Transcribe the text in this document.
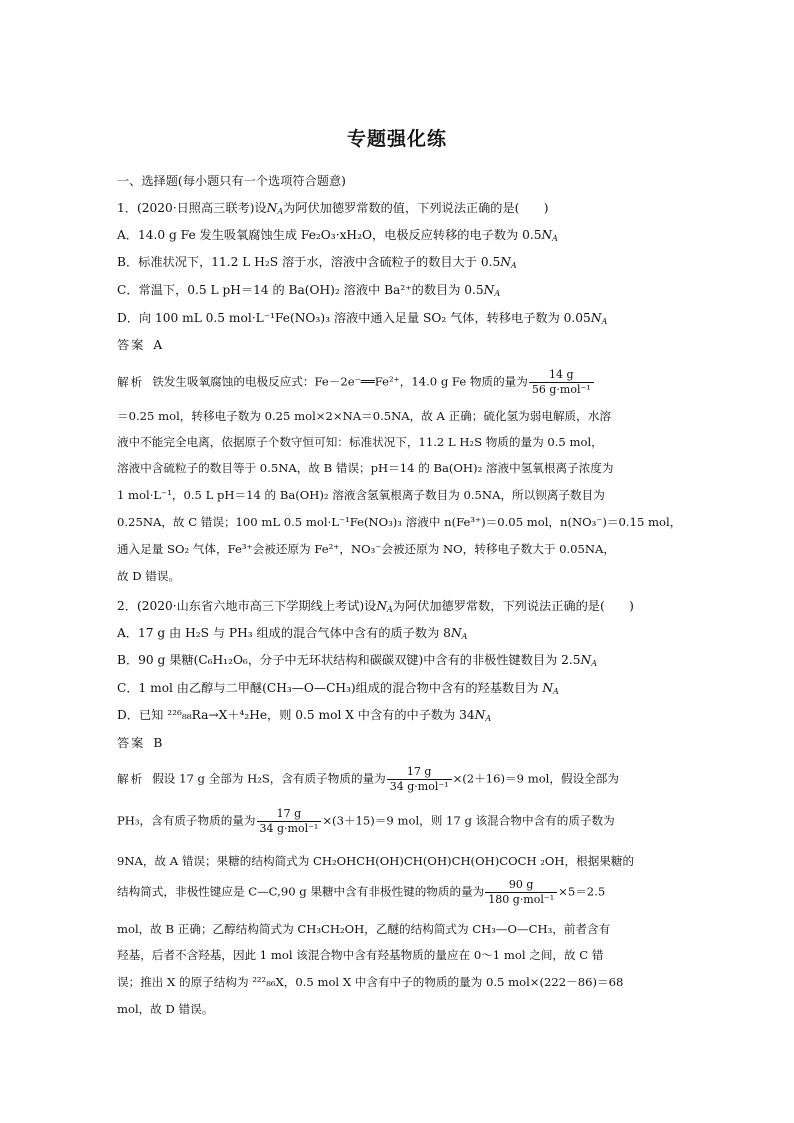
专题强化练
一、选择题(每小题只有一个选项符合题意)
1．(2020·日照高三联考)设$N_A$为阿伏加德罗常数的值，下列说法正确的是(　　)
A．14.0 g Fe 发生吸氧腐蚀生成 Fe₂O₃·xH₂O，电极反应转移的电子数为 $0.5N_A$
B．标准状况下，11.2 L H₂S 溶于水，溶液中含硫粒子的数目大于 $0.5N_A$
C．常温下，0.5 L pH＝14 的 Ba(OH)₂ 溶液中 Ba²⁺的数目为 $0.5N_A$
D．向 100 mL 0.5 mol·L⁻¹Fe(NO₃)₃ 溶液中通入足量 SO₂ 气体，转移电子数为 $0.05N_A$
答案 A
解析 铁发生吸氧腐蚀的电极反应式：Fe－2e⁻══Fe²⁺，14.0 g Fe 物质的量为 $\frac{14 g}{\text{56 g·mol⁻¹}}$
＝0.25 mol，转移电子数为 0.25 mol×2×NA＝0.5NA，故 A 正确；硫化氢为弱电解质，水溶
液中不能完全电离，依据原子个数守恒可知：标准状况下，11.2 L H₂S 物质的量为 0.5 mol，
溶液中含硫粒子的数目等于 0.5NA，故 B 错误；pH＝14 的 Ba(OH)₂ 溶液中氢氧根离子浓度为
1 mol·L⁻¹，0.5 L pH＝14 的 Ba(OH)₂ 溶液含氢氧根离子数目为 0.5NA，所以钡离子数目为
0.25NA，故 C 错误；100 mL 0.5 mol·L⁻¹Fe(NO₃)₃ 溶液中 n(Fe³⁺)＝0.05 mol，n(NO₃⁻)＝0.15 mol，
通入足量 SO₂ 气体，Fe³⁺会被还原为 Fe²⁺，NO₃⁻会被还原为 NO，转移电子数大于 0.05NA，
故 D 错误。
2．(2020·山东省六地市高三下学期线上考试)设$N_A$为阿伏加德罗常数，下列说法正确的是(　　)
A．17 g 由 H₂S 与 PH₃ 组成的混合气体中含有的质子数为 $8N_A$
B．90 g 果糖(C₆H₁₂O₆，分子中无环状结构和碳碳双键)中含有的非极性键数目为 $2.5N_A$
C．1 mol 由乙醇与二甲醚(CH₃—O—CH₃)组成的混合物中含有的羟基数目为 $N_A$
D．已知 ²²⁶₈₈Ra→X＋⁴₂He，则 0.5 mol X 中含有的中子数为 $34N_A$
答案 B
解析 假设 17 g 全部为 H₂S，含有质子物质的量为 $\frac{17 g}{\text{34 g·mol⁻¹}} \times(2+16)=9$ mol，假设全部为
PH₃，含有质子物质的量为 $\frac{17 g}{\text{34 g·mol⁻¹}} \times(3+15)=9$ mol，则 17 g 该混合物中含有的质子数为
9NA，故 A 错误；果糖的结构简式为 CH₂OHCH(OH)CH(OH)CH(OH)COCH ₂OH，根据果糖的
结构简式，非极性键应是 C—C,90 g 果糖中含有非极性键的物质的量为 $\frac{90 g}{\text{180 g·mol⁻¹}} \times 5=2.5$
mol，故 B 正确；乙醇结构简式为 CH₃CH₂OH，乙醚的结构简式为 CH₃—O—CH₃，前者含有
羟基，后者不含羟基，因此 1 mol 该混合物中含有羟基物质的量应在 0～1 mol 之间，故 C 错
误；推出 X 的原子结构为 ²²²₈₆X，0.5 mol X 中含有中子的物质的量为 0.5 mol×(222－86)＝68
mol，故 D 错误。
